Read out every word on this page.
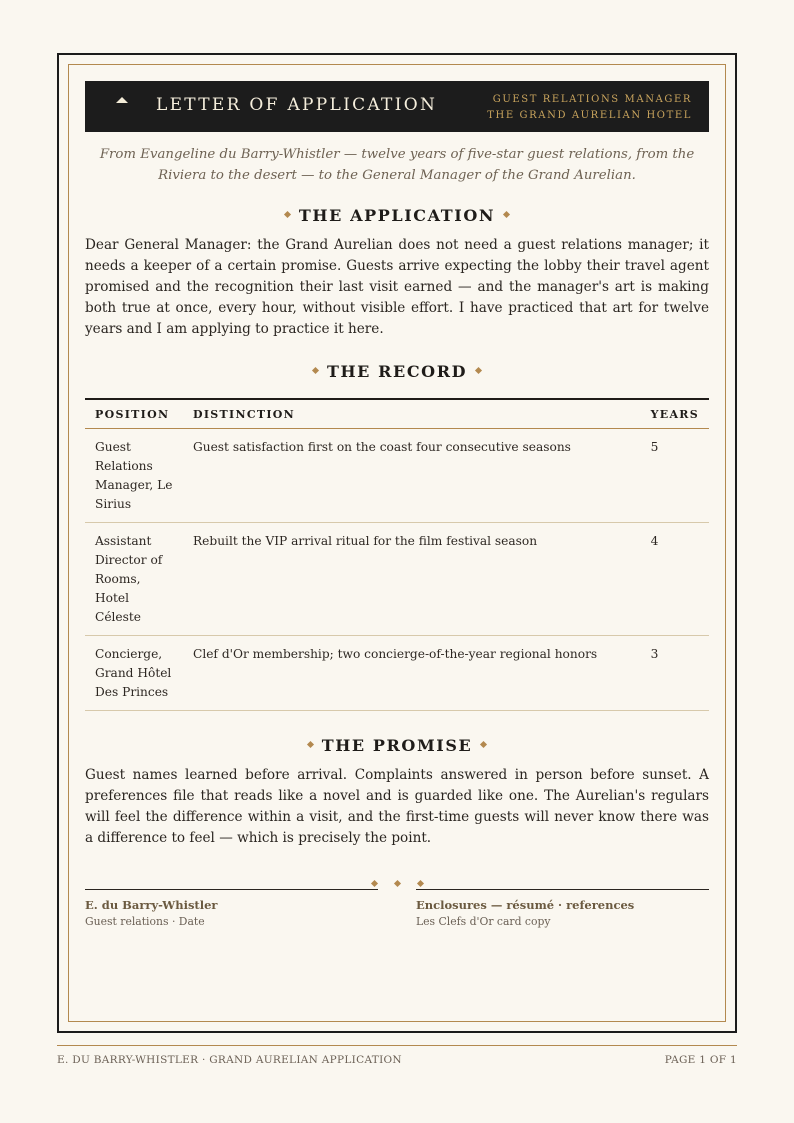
LETTER OF APPLICATION	GUEST RELATIONS MANAGER
THE GRAND AURELIAN HOTEL
From Evangeline du Barry-Whistler — twelve years of five-star guest relations, from the Riviera to the desert — to the General Manager of the Grand Aurelian.
THE APPLICATION
Dear General Manager: the Grand Aurelian does not need a guest relations manager; it needs a keeper of a certain promise. Guests arrive expecting the lobby their travel agent promised and the recognition their last visit earned — and the manager's art is making both true at once, every hour, without visible effort. I have practiced that art for twelve years and I am applying to practice it here.
THE RECORD
POSITION	DISTINCTION	YEARS
Guest Relations Manager, Le Sirius	Guest satisfaction first on the coast four consecutive seasons	5
Assistant Director of Rooms, Hotel Céleste	Rebuilt the VIP arrival ritual for the film festival season	4
Concierge, Grand Hôtel Des Princes	Clef d'Or membership; two concierge-of-the-year regional honors	3
THE PROMISE
Guest names learned before arrival. Complaints answered in person before sunset. A preferences file that reads like a novel and is guarded like one. The Aurelian's regulars will feel the difference within a visit, and the first-time guests will never know there was a difference to feel — which is precisely the point.
E. du Barry-Whistler
Guest relations · Date
Enclosures — résumé · references
Les Clefs d'Or card copy
E. DU BARRY-WHISTLER · GRAND AURELIAN APPLICATION	PAGE 1 OF 1
